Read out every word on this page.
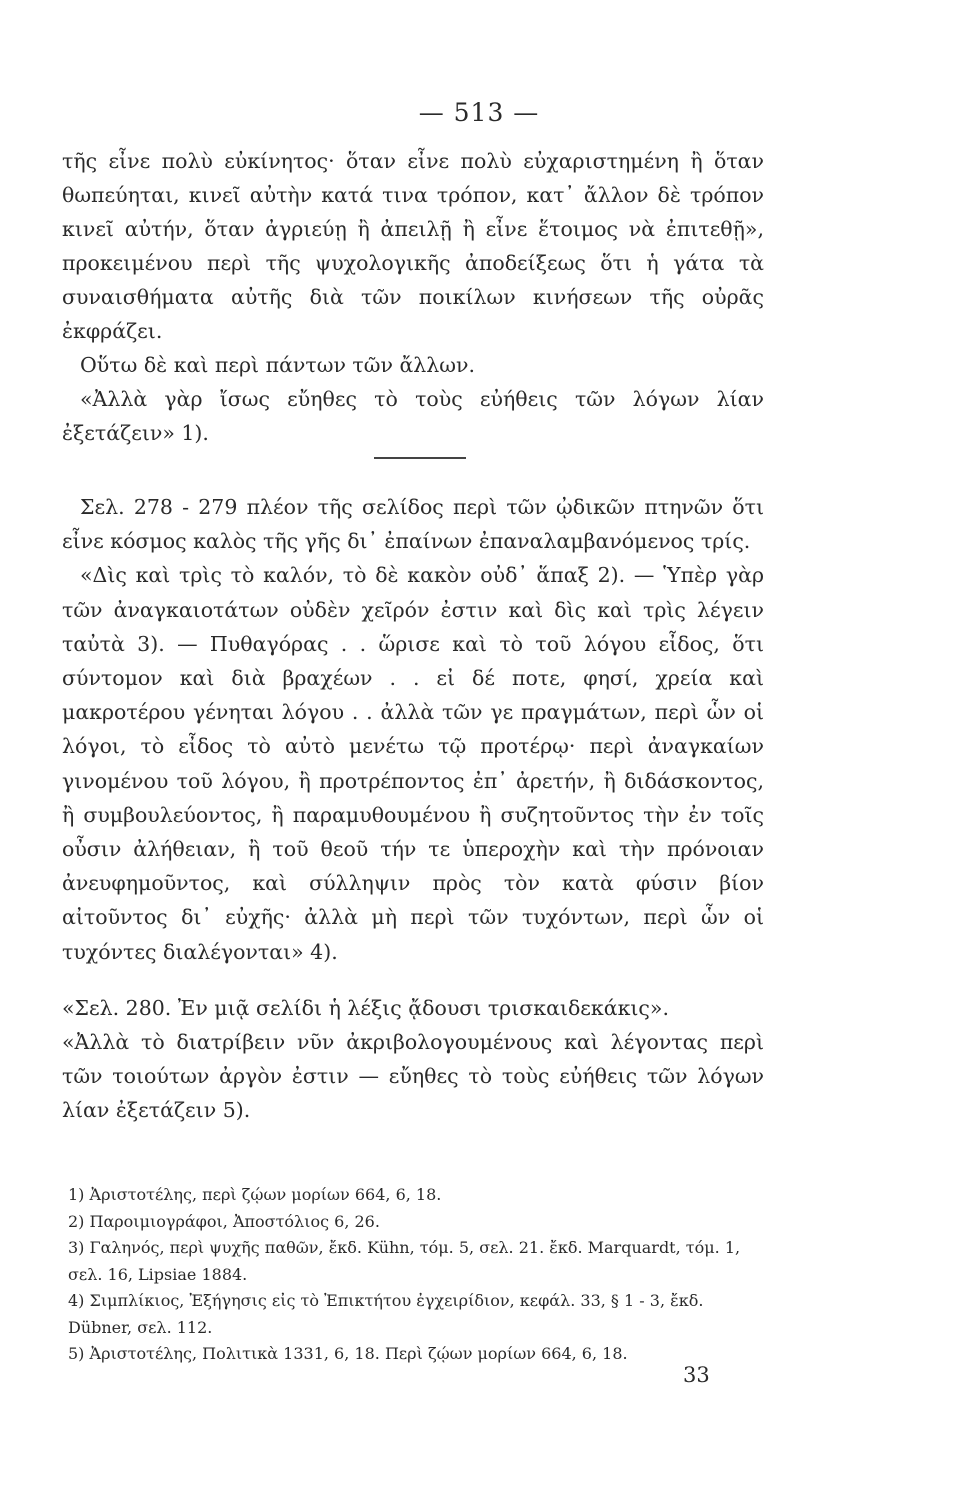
— 513 —

τῆς εἶνε πολὺ εὐκίνητος· ὅταν εἶνε πολὺ εὐχαριστημένη ἢ ὅταν θωπεύηται, κινεῖ αὐτὴν κατά τινα τρόπον, κατ᾽ ἄλλον δὲ τρόπον κινεῖ αὐτήν, ὅταν ἀγριεύῃ ἢ ἀπειλῇ ἢ εἶνε ἕτοιμος νὰ ἐπιτεθῇ», προκειμένου περὶ τῆς ψυχολογικῆς ἀποδείξεως ὅτι ἡ γάτα τὰ συναισθήματα αὐτῆς διὰ τῶν ποικίλων κινήσεων τῆς οὐρᾶς ἐκφράζει.

Οὕτω δὲ καὶ περὶ πάντων τῶν ἄλλων.

«Ἀλλὰ γὰρ ἴσως εὔηθες τὸ τοὺς εὐήθεις τῶν λόγων λίαν ἐξετάζειν» 1).

Σελ. 278 - 279 πλέον τῆς σελίδος περὶ τῶν ᾠδικῶν πτηνῶν ὅτι εἶνε κόσμος καλὸς τῆς γῆς δι᾽ ἐπαίνων ἐπαναλαμβανόμενος τρίς.

«Δὶς καὶ τρὶς τὸ καλόν, τὸ δὲ κακὸν οὐδ᾽ ἅπαξ 2). — Ὑπὲρ γὰρ τῶν ἀναγκαιοτάτων οὐδὲν χεῖρόν ἐστιν καὶ δὶς καὶ τρὶς λέγειν ταὐτὰ 3). — Πυθαγόρας . . ὥρισε καὶ τὸ τοῦ λόγου εἶδος, ὅτι σύντομον καὶ διὰ βραχέων . . εἰ δέ ποτε, φησί, χρεία καὶ μακροτέρου γένηται λόγου . . ἀλλὰ τῶν γε πραγμάτων, περὶ ὧν οἱ λόγοι, τὸ εἶδος τὸ αὐτὸ μενέτω τῷ προτέρῳ· περὶ ἀναγκαίων γινομένου τοῦ λόγου, ἢ προτρέποντος ἐπ᾽ ἀρετήν, ἢ διδάσκοντος, ἢ συμβουλεύοντος, ἢ παραμυθουμένου ἢ συζητοῦντος τὴν ἐν τοῖς οὖσιν ἀλήθειαν, ἢ τοῦ θεοῦ τήν τε ὑπεροχὴν καὶ τὴν πρόνοιαν ἀνευφημοῦντος, καὶ σύλληψιν πρὸς τὸν κατὰ φύσιν βίον αἰτοῦντος δι᾽ εὐχῆς· ἀλλὰ μὴ περὶ τῶν τυχόντων, περὶ ὧν οἱ τυχόντες διαλέγονται» 4).

«Σελ. 280. Ἐν μιᾷ σελίδι ἡ λέξις ᾄδουσι τρισκαιδεκάκις».

«Ἀλλὰ τὸ διατρίβειν νῦν ἀκριβολογουμένους καὶ λέγοντας περὶ τῶν τοιούτων ἀργὸν ἐστιν — εὔηθες τὸ τοὺς εὐήθεις τῶν λόγων λίαν ἐξετάζειν 5).

1) Ἀριστοτέλης, περὶ ζῴων μορίων 664, 6, 18.

2) Παροιμιογράφοι, Ἀποστόλιος 6, 26.

3) Γαληνός, περὶ ψυχῆς παθῶν, ἔκδ. Kühn, τόμ. 5, σελ. 21. ἔκδ. Marquardt, τόμ. 1, σελ. 16, Lipsiae 1884.

4) Σιμπλίκιος, Ἐξήγησις εἰς τὸ Ἐπικτήτου ἐγχειρίδιον, κεφάλ. 33, § 1 - 3, ἔκδ. Dübner, σελ. 112.

5) Ἀριστοτέλης, Πολιτικὰ 1331, 6, 18. Περὶ ζῴων μορίων 664, 6, 18.

33
